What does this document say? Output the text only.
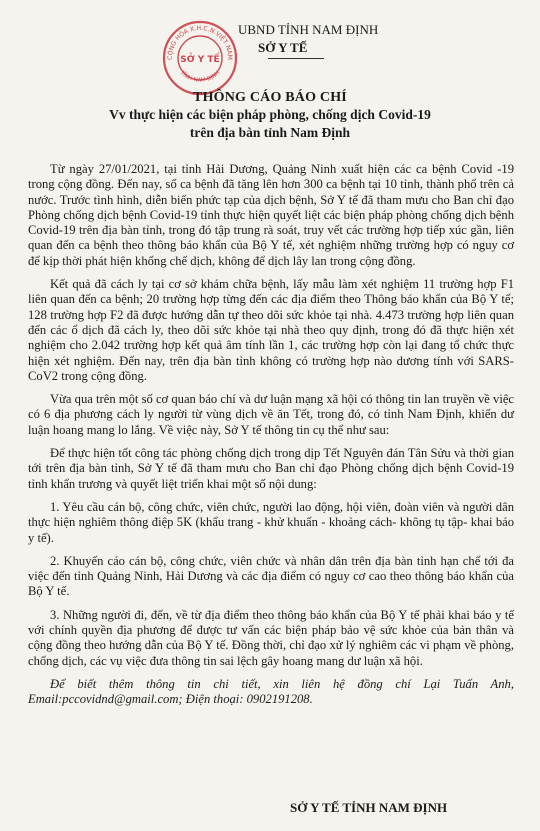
CỘNG HÒA X.H.C.N.VIỆT NAM
SỞ Y TẾ
TỈNH NAM ĐỊNH
UBND TỈNH NAM ĐỊNH
SỞ Y TẾ
THÔNG CÁO BÁO CHÍ
Vv thực hiện các biện pháp phòng, chống dịch Covid-19
trên địa bàn tỉnh Nam Định

Từ ngày 27/01/2021, tại tỉnh Hải Dương, Quảng Ninh xuất hiện các ca bệnh Covid -19 trong cộng đồng. Đến nay, số ca bệnh đã tăng lên hơn 300 ca bệnh tại 10 tỉnh, thành phố trên cả nước. Trước tình hình, diễn biến phức tạp của dịch bệnh, Sở Y tế đã tham mưu cho Ban chỉ đạo Phòng chống dịch bệnh Covid-19 tỉnh thực hiện quyết liệt các biện pháp phòng chống dịch bệnh Covid-19 trên địa bàn tỉnh, trong đó tập trung rà soát, truy vết các trường hợp tiếp xúc gần, liên quan đến ca bệnh theo thông báo khẩn của Bộ Y tế, xét nghiệm những trường hợp có nguy cơ để kịp thời phát hiện khống chế dịch, không để dịch lây lan trong cộng đồng.

Kết quả đã cách ly tại cơ sở khám chữa bệnh, lấy mẫu làm xét nghiệm 11 trường hợp F1 liên quan đến ca bệnh; 20 trường hợp từng đến các địa điểm theo Thông báo khẩn của Bộ Y tế; 128 trường hợp F2 đã được hướng dẫn tự theo dõi sức khỏe tại nhà. 4.473 trường hợp liên quan đến các ổ dịch đã cách ly, theo dõi sức khỏe tại nhà theo quy định, trong đó đã thực hiện xét nghiệm cho 2.042 trường hợp kết quả âm tính lần 1, các trường hợp còn lại đang tổ chức thực hiện xét nghiệm. Đến nay, trên địa bàn tỉnh không có trường hợp nào dương tính với SARS-CoV2 trong cộng đồng.

Vừa qua trên một số cơ quan báo chí và dư luận mạng xã hội có thông tin lan truyền về việc có 6 địa phương cách ly người từ vùng dịch về ăn Tết, trong đó, có tỉnh Nam Định, khiến dư luận hoang mang lo lắng. Về việc này, Sở Y tế thông tin cụ thể như sau:

Để thực hiện tốt công tác phòng chống dịch trong dịp Tết Nguyên đán Tân Sửu và thời gian tới trên địa bàn tỉnh, Sở Y tế đã tham mưu cho Ban chỉ đạo Phòng chống dịch bệnh Covid-19 tỉnh khẩn trương và quyết liệt triển khai một số nội dung:

1. Yêu cầu cán bộ, công chức, viên chức, người lao động, hội viên, đoàn viên và người dân thực hiện nghiêm thông điệp 5K (khẩu trang - khử khuẩn - khoảng cách- không tụ tập- khai báo y tế).

2. Khuyến cáo cán bộ, công chức, viên chức và nhân dân trên địa bàn tỉnh hạn chế tới đa việc đến tỉnh Quảng Ninh, Hải Dương và các địa điểm có nguy cơ cao theo thông báo khẩn của Bộ Y tế.

3. Những người đi, đến, về từ địa điểm theo thông báo khẩn của Bộ Y tế phải khai báo y tế với chính quyền địa phương để được tư vấn các biện pháp bảo vệ sức khỏe của bản thân và cộng đồng theo hướng dẫn của Bộ Y tế. Đồng thời, chỉ đạo xử lý nghiêm các vi phạm về phòng, chống dịch, các vụ việc đưa thông tin sai lệch gây hoang mang dư luận xã hội.

Để biết thêm thông tin chi tiết, xin liên hệ đồng chí Lại Tuấn Anh, Email:pccovidnd@gmail.com; Điện thoại: 0902191208.

SỞ Y TẾ TỈNH NAM ĐỊNH
